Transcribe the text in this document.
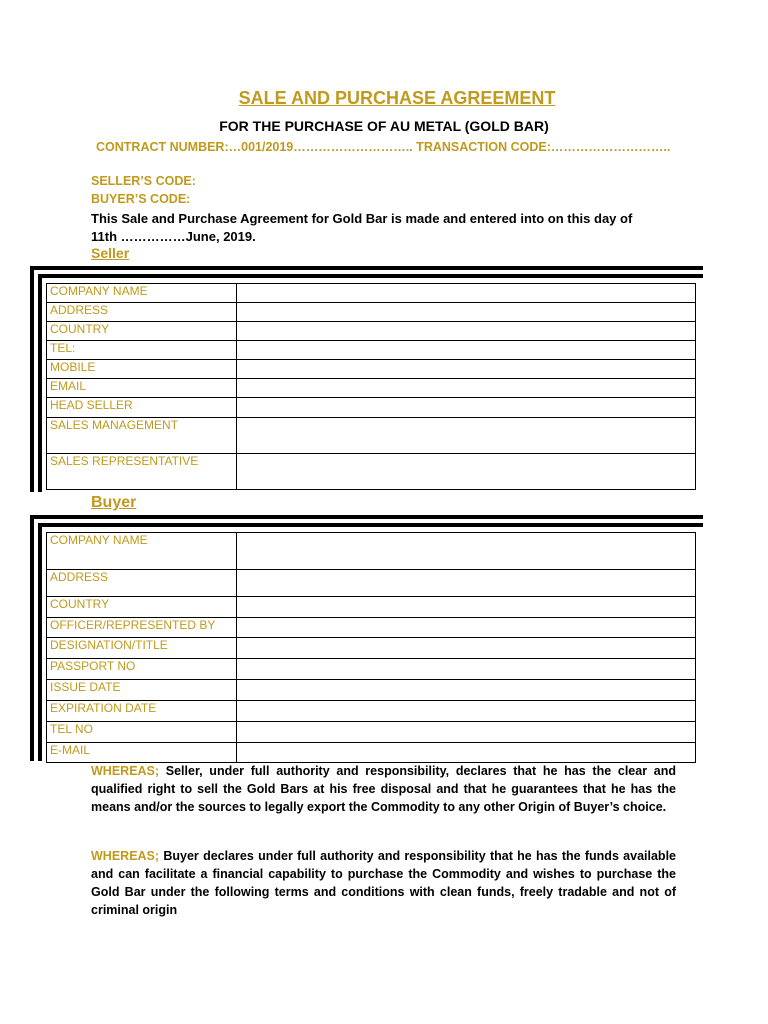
SALE AND PURCHASE AGREEMENT
FOR THE PURCHASE OF AU METAL (GOLD BAR)
CONTRACT NUMBER:…001/2019……………………….. TRANSACTION CODE:………………………..
SELLER’S CODE:
BUYER’S CODE:
This Sale and Purchase Agreement for Gold Bar is made and entered into on this day of
11th ……………June, 2019.
Seller
COMPANY NAME	
ADDRESS	
COUNTRY	
TEL:	
MOBILE	
EMAIL	
HEAD SELLER	
SALES MANAGEMENT	
SALES REPRESENTATIVE	
Buyer
COMPANY NAME	
ADDRESS	
COUNTRY	
OFFICER/REPRESENTED BY	
DESIGNATION/TITLE	
PASSPORT NO	
ISSUE DATE	
EXPIRATION DATE	
TEL NO	
E-MAIL	
WHEREAS; Seller, under full authority and responsibility, declares that he has the clear and qualified right to sell the Gold Bars at his free disposal and that he guarantees that he has the means and/or the sources to legally export the Commodity to any other Origin of Buyer’s choice.
WHEREAS; Buyer declares under full authority and responsibility that he has the funds available and can facilitate a financial capability to purchase the Commodity and wishes to purchase the Gold Bar under the following terms and conditions with clean funds, freely tradable and not of criminal origin
